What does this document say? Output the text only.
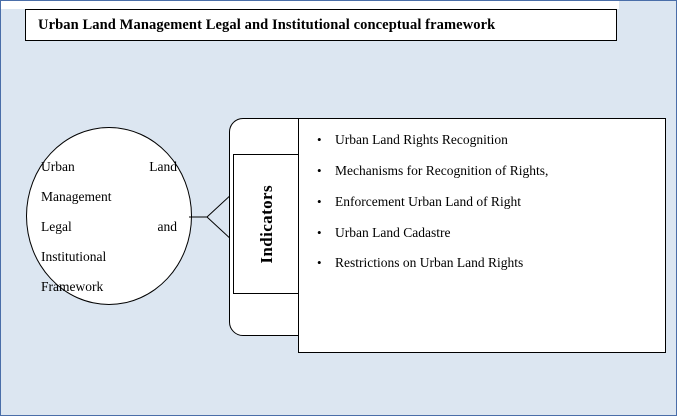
Urban Land Management Legal and Institutional conceptual framework
Urban Land
Management
Legal and
Institutional
Framework
Indicators
• Urban Land Rights Recognition
• Mechanisms for Recognition of Rights,
• Enforcement Urban Land of Right
• Urban Land Cadastre
• Restrictions on Urban Land Rights
